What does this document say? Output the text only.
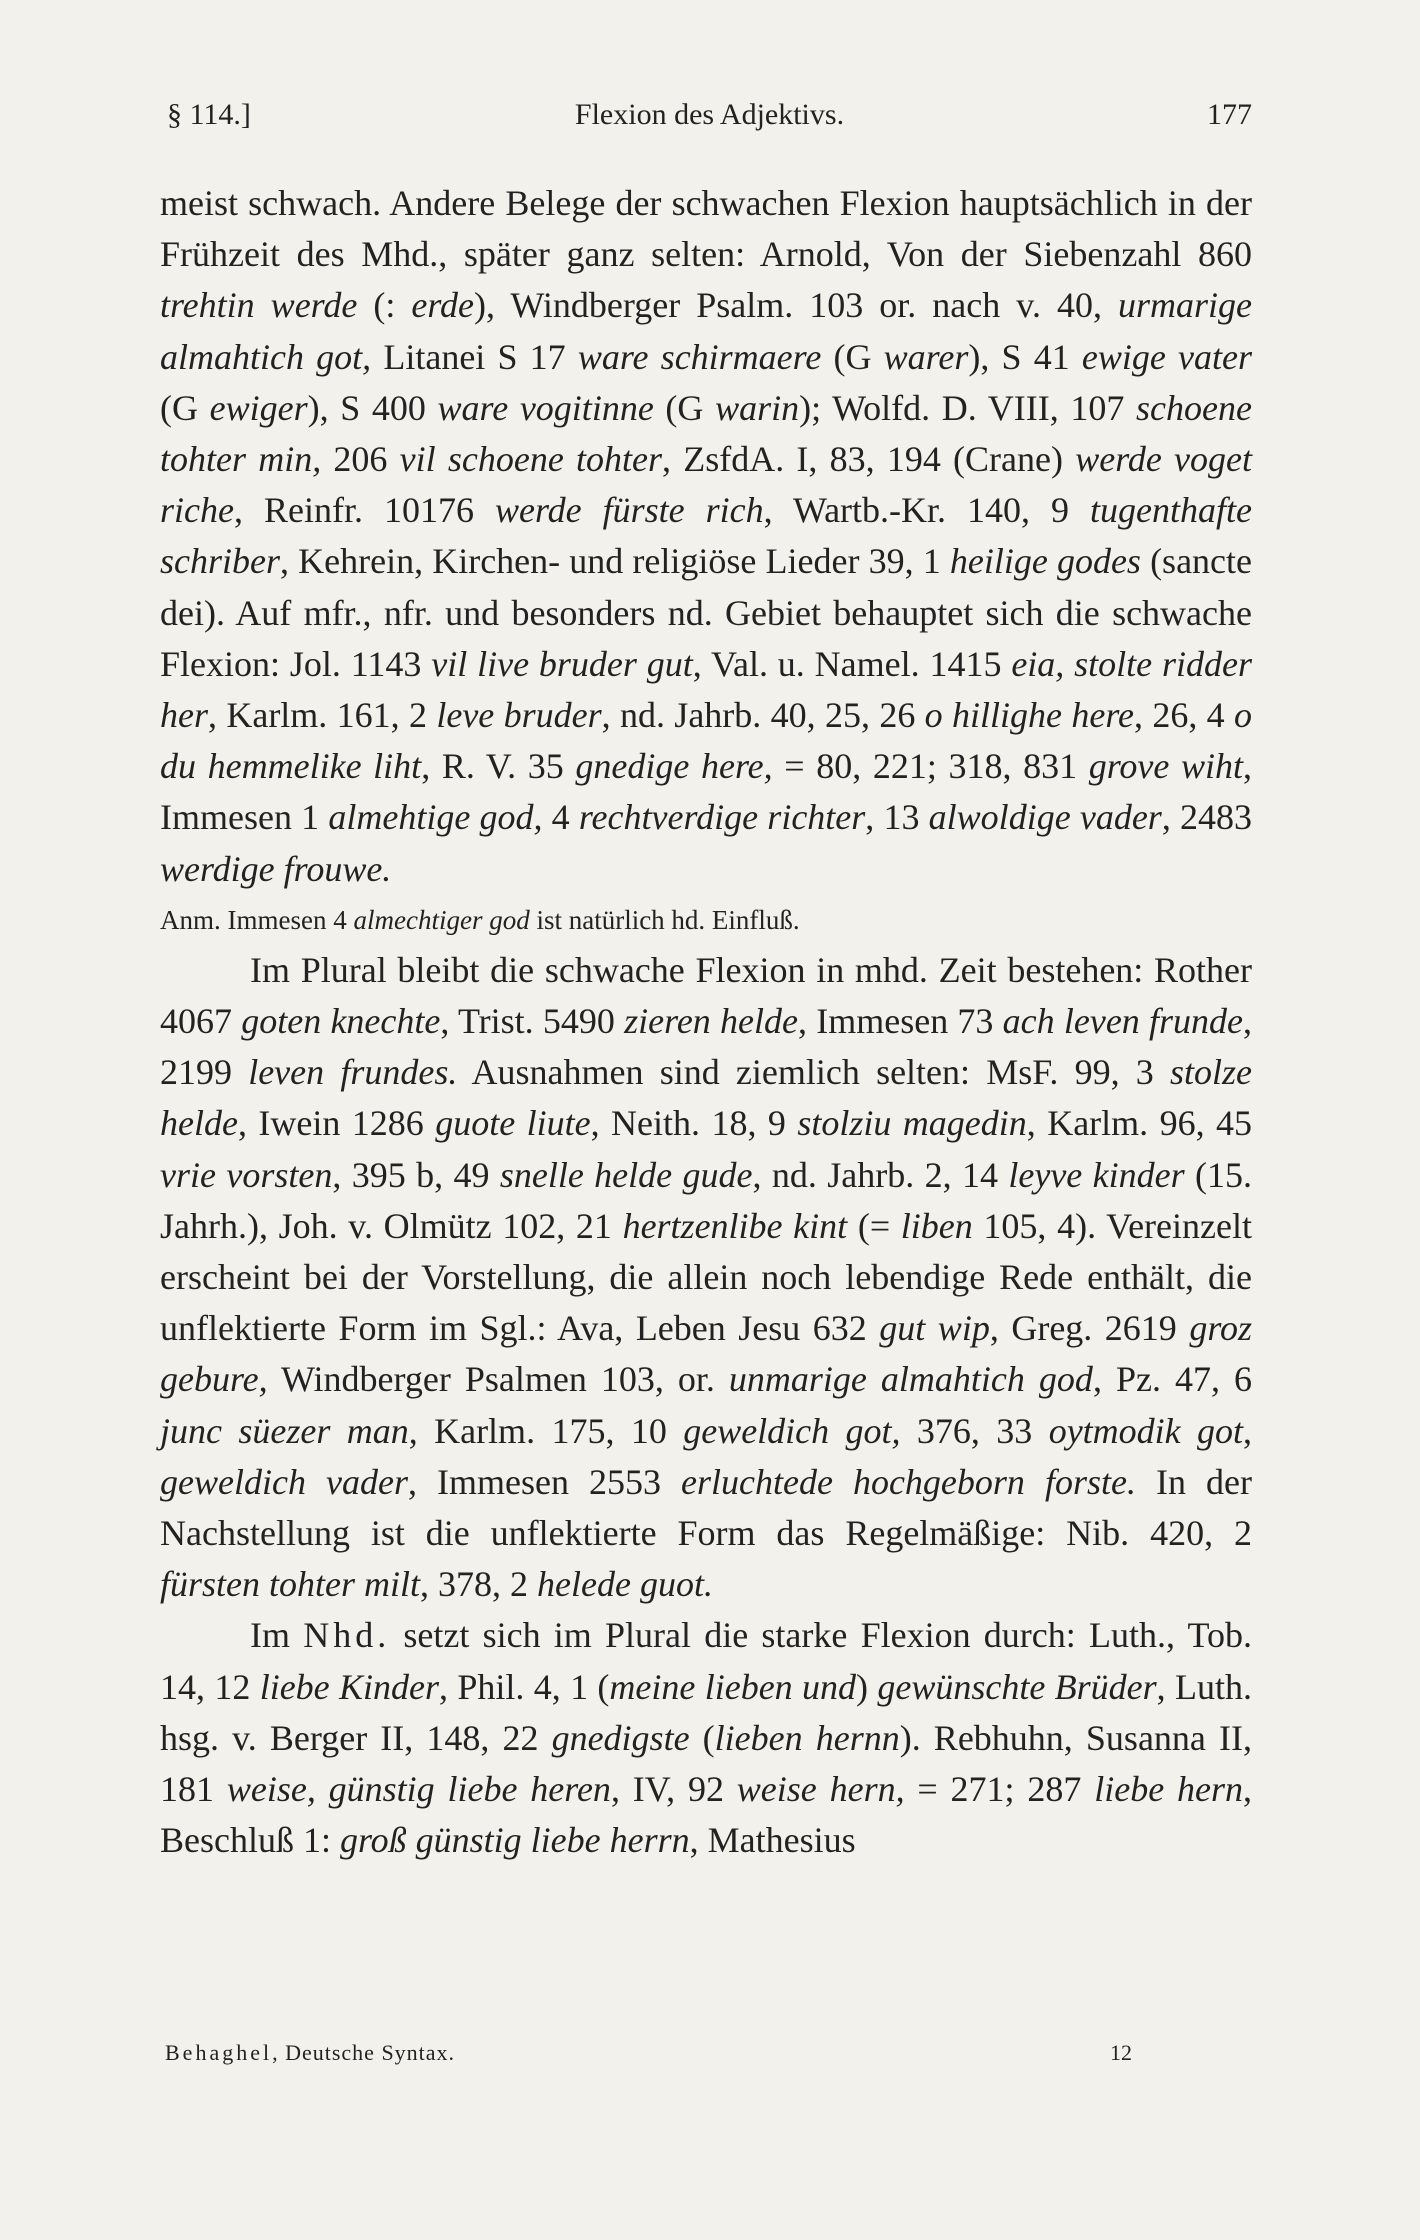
§ 114.]	Flexion des Adjektivs.	177

meist schwach. Andere Belege der schwachen Flexion hauptsächlich in der Frühzeit des Mhd., später ganz selten: Arnold, Von der Siebenzahl 860 trehtin werde (: erde), Windberger Psalm. 103 or. nach v. 40, urmarige almahtich got, Litanei S 17 ware schirmaere (G warer), S 41 ewige vater (G ewiger), S 400 ware vogitinne (G warin); Wolfd. D. VIII, 107 schoene tohter min, 206 vil schoene tohter, ZsfdA. I, 83, 194 (Crane) werde voget riche, Reinfr. 10176 werde fürste rich, Wartb.-Kr. 140, 9 tugenthafte schriber, Kehrein, Kirchen- und religiöse Lieder 39, 1 heilige godes (sancte dei). Auf mfr., nfr. und besonders nd. Gebiet behauptet sich die schwache Flexion: Jol. 1143 vil live bruder gut, Val. u. Namel. 1415 eia, stolte ridder her, Karlm. 161, 2 leve bruder, nd. Jahrb. 40, 25, 26 o hillighe here, 26, 4 o du hemmelike liht, R. V. 35 gnedige here, = 80, 221; 318, 831 grove wiht, Immesen 1 almehtige god, 4 rechtverdige richter, 13 alwoldige vader, 2483 werdige frouwe.

Anm. Immesen 4 almechtiger god ist natürlich hd. Einfluß.

Im Plural bleibt die schwache Flexion in mhd. Zeit bestehen: Rother 4067 goten knechte, Trist. 5490 zieren helde, Immesen 73 ach leven frunde, 2199 leven frundes. Ausnahmen sind ziemlich selten: MsF. 99, 3 stolze helde, Iwein 1286 guote liute, Neith. 18, 9 stolziu magedin, Karlm. 96, 45 vrie vorsten, 395 b, 49 snelle helde gude, nd. Jahrb. 2, 14 leyve kinder (15. Jahrh.), Joh. v. Olmütz 102, 21 hertzenlibe kint (= liben 105, 4). Vereinzelt erscheint bei der Vorstellung, die allein noch lebendige Rede enthält, die unflektierte Form im Sgl.: Ava, Leben Jesu 632 gut wip, Greg. 2619 groz gebure, Windberger Psalmen 103, or. unmarige almahtich god, Pz. 47, 6 junc süezer man, Karlm. 175, 10 geweldich got, 376, 33 oytmodik got, geweldich vader, Immesen 2553 erluchtede hochgeborn forste. In der Nachstellung ist die unflektierte Form das Regelmäßige: Nib. 420, 2 fürsten tohter milt, 378, 2 helede guot.

Im Nhd. setzt sich im Plural die starke Flexion durch: Luth., Tob. 14, 12 liebe Kinder, Phil. 4, 1 (meine lieben und) gewünschte Brüder, Luth. hsg. v. Berger II, 148, 22 gnedigste (lieben hernn). Rebhuhn, Susanna II, 181 weise, günstig liebe heren, IV, 92 weise hern, = 271; 287 liebe hern, Beschluß 1: groß günstig liebe herrn, Mathesius

Behaghel, Deutsche Syntax.	12
